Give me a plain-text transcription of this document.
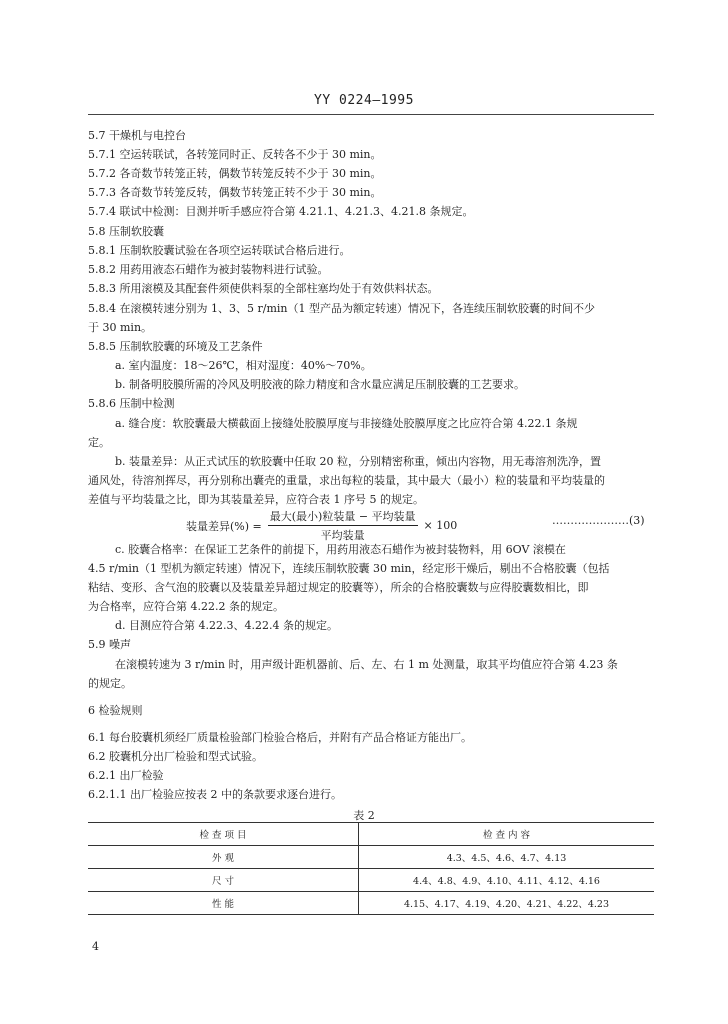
YY 0224—1995
5.7 干燥机与电控台
5.7.1 空运转联试，各转笼同时正、反转各不少于 30 min。
5.7.2 各奇数节转笼正转，偶数节转笼反转不少于 30 min。
5.7.3 各奇数节转笼反转，偶数节转笼正转不少于 30 min。
5.7.4 联试中检测：目测并听手感应符合第 4.21.1、4.21.3、4.21.8 条规定。
5.8 压制软胶囊
5.8.1 压制软胶囊试验在各项空运转联试合格后进行。
5.8.2 用药用液态石蜡作为被封装物料进行试验。
5.8.3 所用滚模及其配套件须使供料泵的全部柱塞均处于有效供料状态。
5.8.4 在滚模转速分别为 1、3、5 r/min（1 型产品为额定转速）情况下，各连续压制软胶囊的时间不少
于 30 min。
5.8.5 压制软胶囊的环境及工艺条件
a. 室内温度：18～26℃，相对湿度：40%～70%。
b. 制备明胶膜所需的冷风及明胶液的除力精度和含水量应满足压制胶囊的工艺要求。
5.8.6 压制中检测
a. 缝合度：软胶囊最大横截面上接缝处胶膜厚度与非接缝处胶膜厚度之比应符合第 4.22.1 条规
定。
b. 装量差异：从正式试压的软胶囊中任取 20 粒，分别精密称重，倾出内容物，用无毒溶剂洗净，置
通风处，待溶剂挥尽，再分别称出囊壳的重量，求出每粒的装量，其中最大（最小）粒的装量和平均装量的
差值与平均装量之比，即为其装量差异，应符合表 1 序号 5 的规定。
c. 胶囊合格率：在保证工艺条件的前提下，用药用液态石蜡作为被封装物料，用 6OV 滚模在
4.5 r/min（1 型机为额定转速）情况下，连续压制软胶囊 30 min，经定形干燥后，剔出不合格胶囊（包括
粘结、变形、含气泡的胶囊以及装量差异超过规定的胶囊等），所余的合格胶囊数与应得胶囊数相比，即
为合格率，应符合第 4.22.2 条的规定。
d. 目测应符合第 4.22.3、4.22.4 条的规定。
5.9 噪声
在滚模转速为 3 r/min 时，用声级计距机器前、后、左、右 1 m 处测量，取其平均值应符合第 4.23 条
的规定。
6 检验规则
6.1 每台胶囊机须经厂质量检验部门检验合格后，并附有产品合格证方能出厂。
6.2 胶囊机分出厂检验和型式试验。
6.2.1 出厂检验
6.2.1.1 出厂检验应按表 2 中的条款要求逐台进行。
装量差异(%) = $\frac{\text{最大(最小)粒装量 − 平均装量}}{\text{平均装量}} \times 100$	…………………(3)
表 2
检 查 项 目	检 查 内 容
外 观	4.3、4.5、4.6、4.7、4.13
尺 寸	4.4、4.8、4.9、4.10、4.11、4.12、4.16
性 能	4.15、4.17、4.19、4.20、4.21、4.22、4.23
4
